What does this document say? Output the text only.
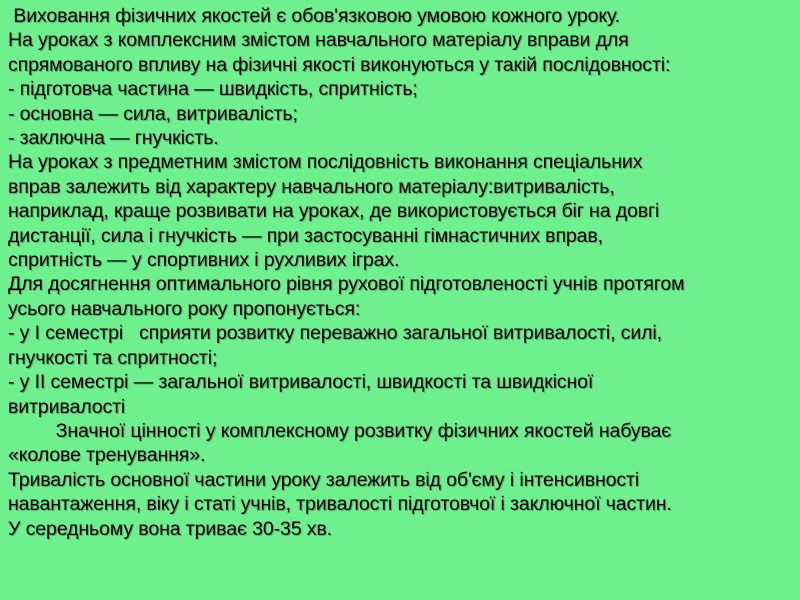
Виховання фізичних якостей є обов'язковою умовою кожного уроку.
На уроках з комплексним змістом навчального матеріалу вправи для
спрямованого впливу на фізичні якості виконуються у такій послідовності:
- підготовча частина — швидкість, спритність;
- основна — сила, витривалість;
- заключна — гнучкість.
На уроках з предметним змістом послідовність виконання спеціальних
вправ залежить від характеру навчального матеріалу:витривалість,
наприклад, краще розвивати на уроках, де використовується біг на довгі
дистанції, сила і гнучкість — при застосуванні гімнастичних вправ,
спритність — у спортивних і рухливих іграх.
Для досягнення оптимального рівня рухової підготовленості учнів протягом
усього навчального року пропонується:
- у І семестрі   сприяти розвитку переважно загальної витривалості, силі,
гнучкості та спритності;
- у ІІ семестрі — загальної витривалості, швидкості та швидкісної
витривалості
Значної цінності у комплексному розвитку фізичних якостей набуває
«колове тренування».
Тривалість основної частини уроку залежить від об'єму і інтенсивності
навантаження, віку і статі учнів, тривалості підготовчої і заключної частин.
У середньому вона триває 30-35 хв.
